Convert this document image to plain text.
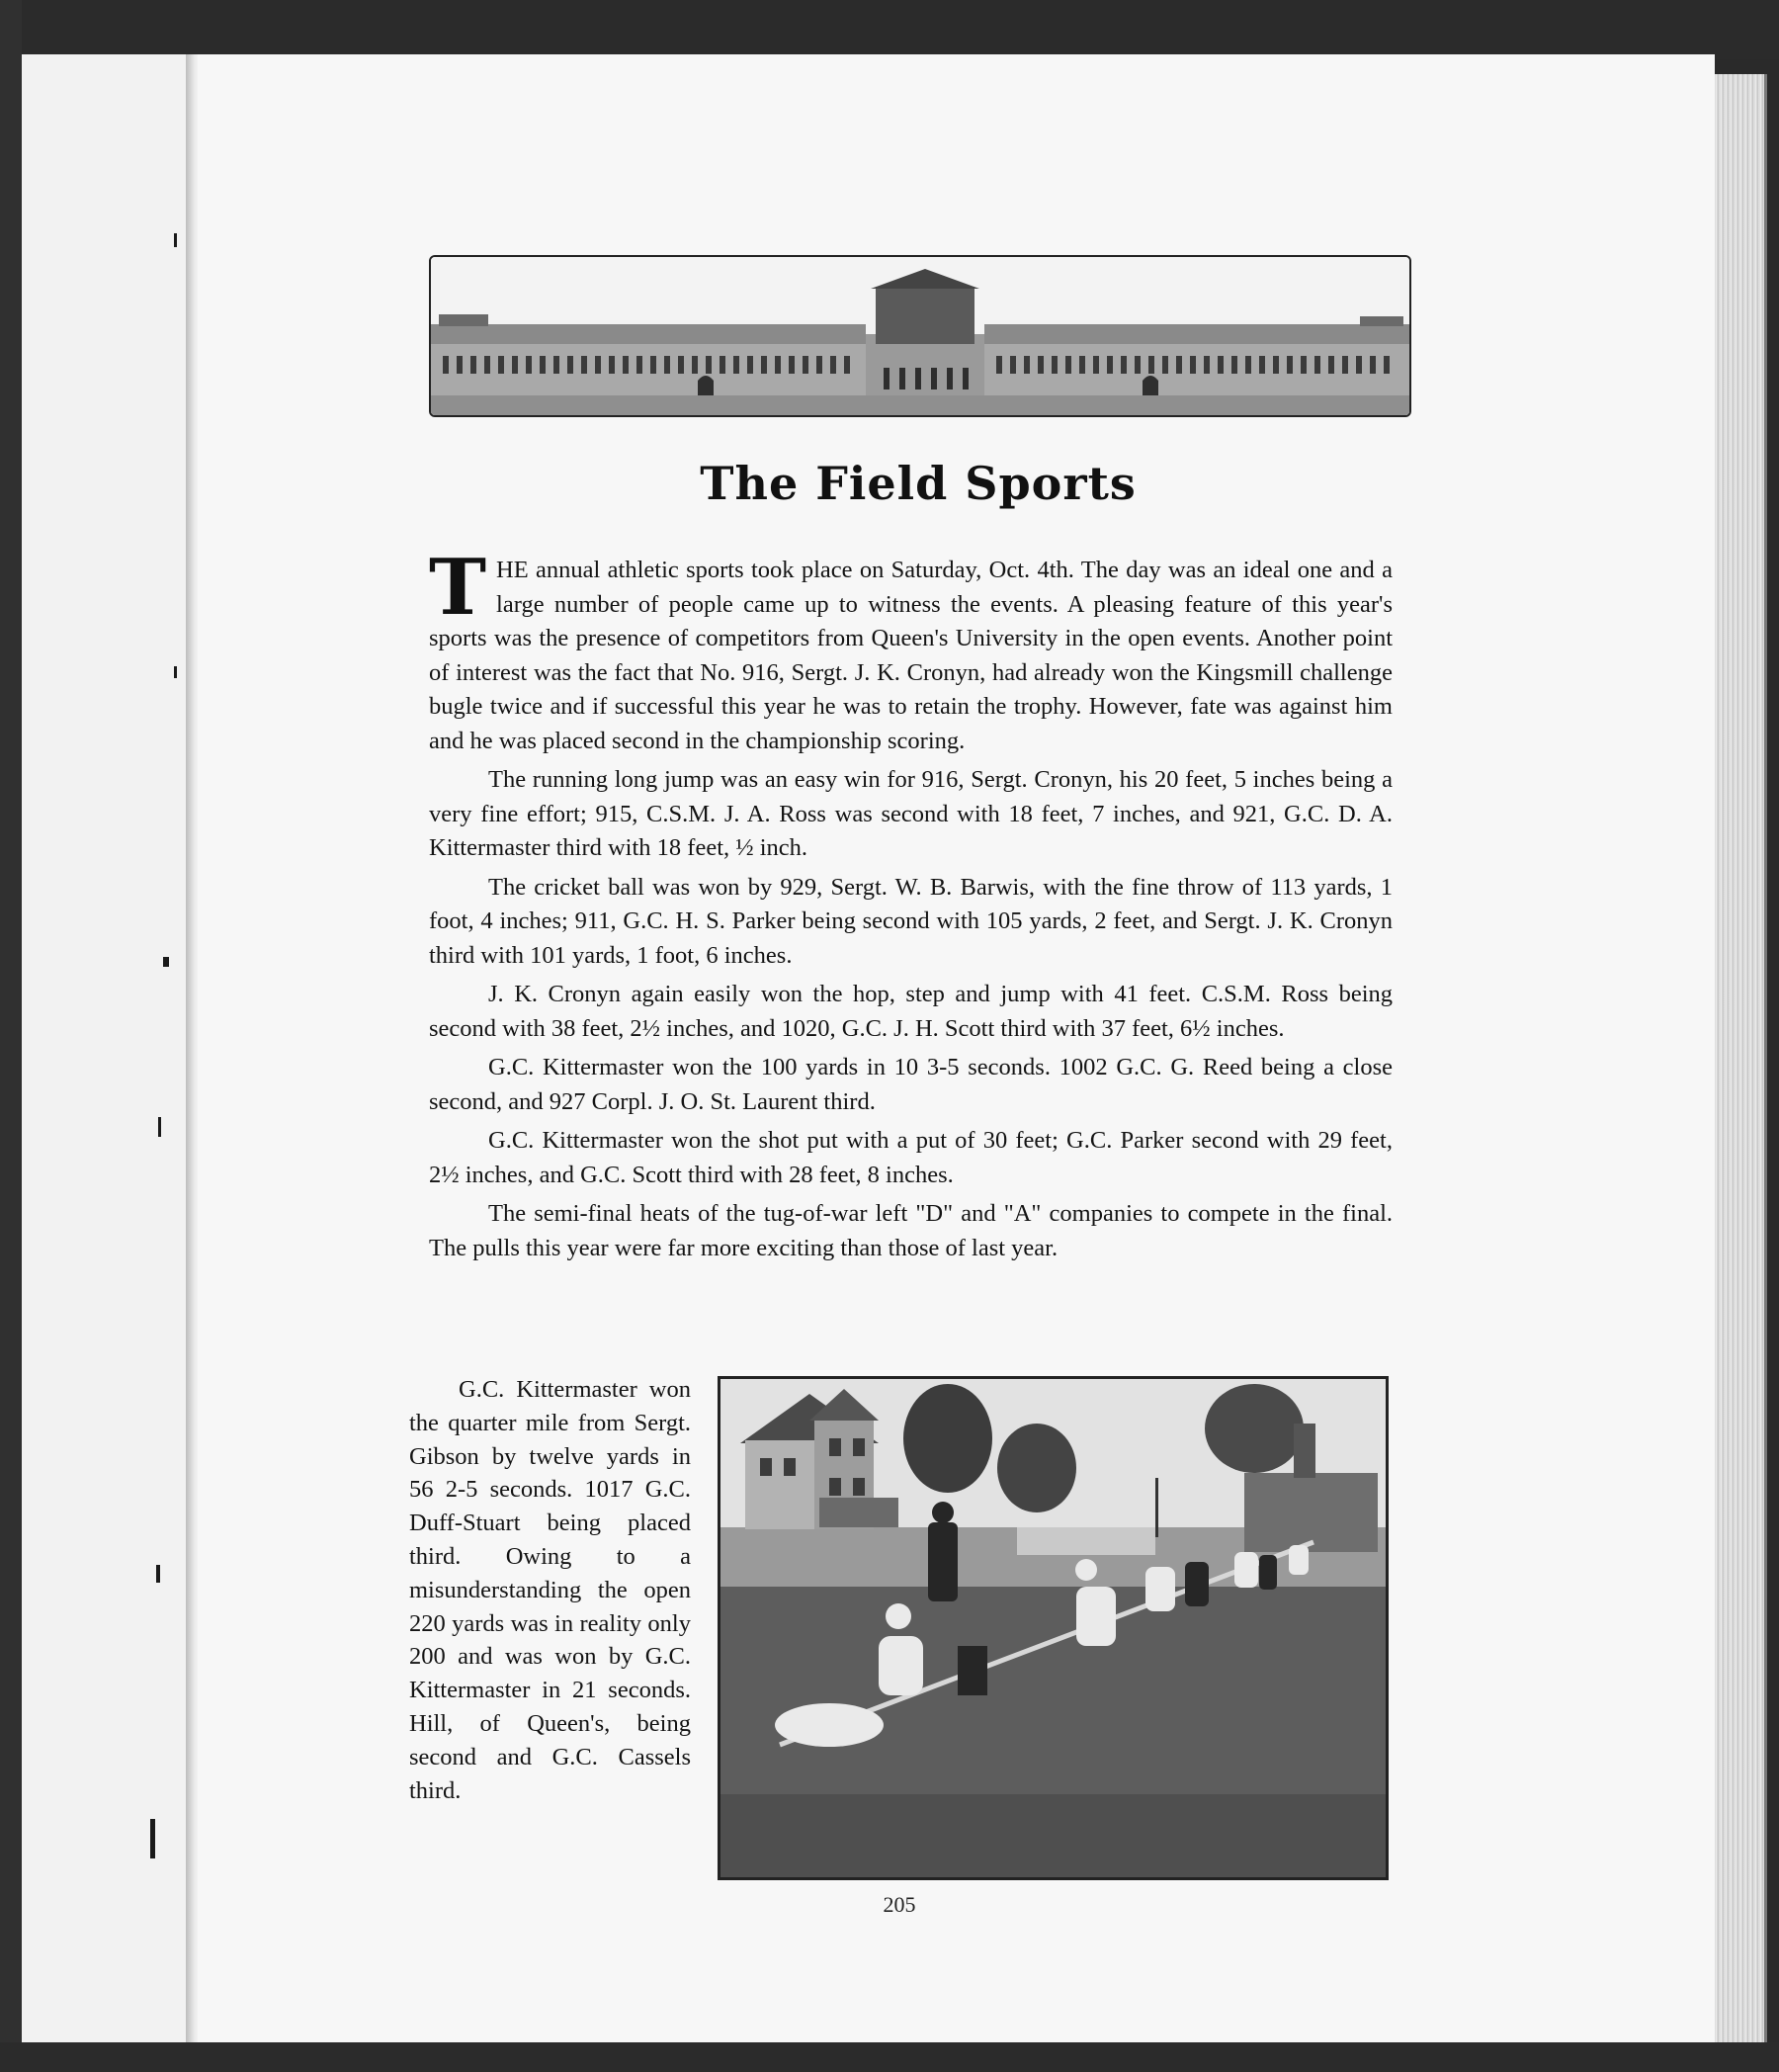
The Field Sports

T HE annual athletic sports took place on Saturday, Oct. 4th. The day was an ideal one and a large number of people came up to witness the events. A pleasing feature of this year's sports was the presence of competitors from Queen's University in the open events. Another point of interest was the fact that No. 916, Sergt. J. K. Cronyn, had already won the Kingsmill challenge bugle twice and if successful this year he was to retain the trophy. However, fate was against him and he was placed second in the championship scoring.

The running long jump was an easy win for 916, Sergt. Cronyn, his 20 feet, 5 inches being a very fine effort; 915, C.S.M. J. A. Ross was second with 18 feet, 7 inches, and 921, G.C. D. A. Kittermaster third with 18 feet, ½ inch.

The cricket ball was won by 929, Sergt. W. B. Barwis, with the fine throw of 113 yards, 1 foot, 4 inches; 911, G.C. H. S. Parker being second with 105 yards, 2 feet, and Sergt. J. K. Cronyn third with 101 yards, 1 foot, 6 inches.

J. K. Cronyn again easily won the hop, step and jump with 41 feet. C.S.M. Ross being second with 38 feet, 2½ inches, and 1020, G.C. J. H. Scott third with 37 feet, 6½ inches.

G.C. Kittermaster won the 100 yards in 10 3-5 seconds. 1002 G.C. G. Reed being a close second, and 927 Corpl. J. O. St. Laurent third.

G.C. Kittermaster won the shot put with a put of 30 feet; G.C. Parker second with 29 feet, 2½ inches, and G.C. Scott third with 28 feet, 8 inches.

The semi-final heats of the tug-of-war left "D" and "A" companies to compete in the final. The pulls this year were far more exciting than those of last year.

G.C. Kittermaster won the quarter mile from Sergt. Gibson by twelve yards in 56 2-5 seconds. 1017 G.C. Duff-Stuart being placed third. Owing to a misunderstanding the open 220 yards was in reality only 200 and was won by G.C. Kittermaster in 21 seconds. Hill, of Queen's, being second and G.C. Cassels third.

205
